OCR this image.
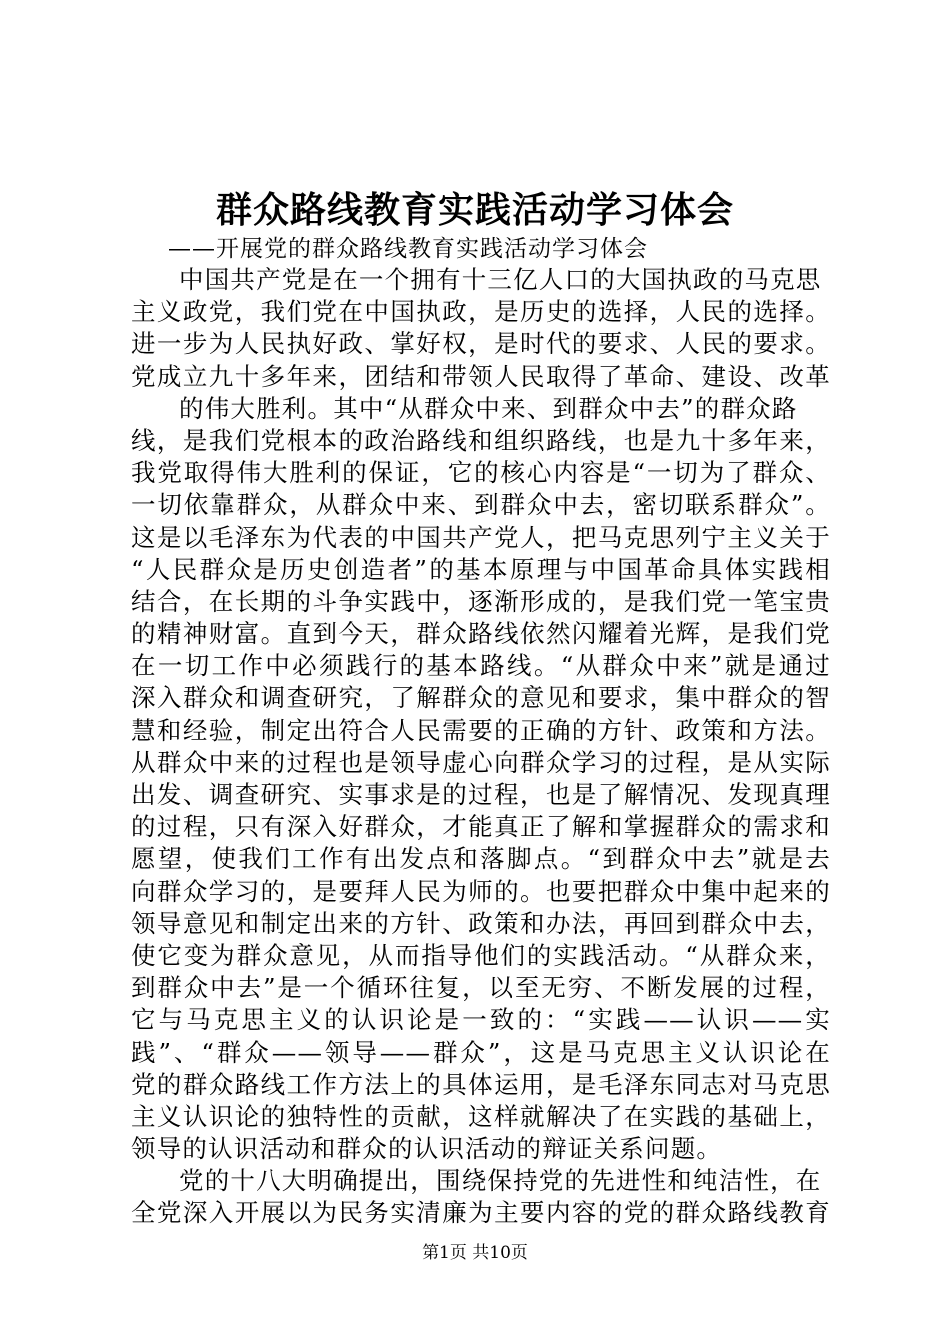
群众路线教育实践活动学习体会
——开展党的群众路线教育实践活动学习体会
中国共产党是在一个拥有十三亿人口的大国执政的马克思
主义政党，我们党在中国执政，是历史的选择，人民的选择。
进一步为人民执好政、掌好权，是时代的要求、人民的要求。
党成立九十多年来，团结和带领人民取得了革命、建设、改革
的伟大胜利。其中“从群众中来、到群众中去”的群众路
线，是我们党根本的政治路线和组织路线，也是九十多年来，
我党取得伟大胜利的保证，它的核心内容是“一切为了群众、
一切依靠群众，从群众中来、到群众中去，密切联系群众”。
这是以毛泽东为代表的中国共产党人，把马克思列宁主义关于
“人民群众是历史创造者”的基本原理与中国革命具体实践相
结合，在长期的斗争实践中，逐渐形成的，是我们党一笔宝贵
的精神财富。直到今天，群众路线依然闪耀着光辉，是我们党
在一切工作中必须践行的基本路线。“从群众中来”就是通过
深入群众和调查研究，了解群众的意见和要求，集中群众的智
慧和经验，制定出符合人民需要的正确的方针、政策和方法。
从群众中来的过程也是领导虚心向群众学习的过程，是从实际
出发、调查研究、实事求是的过程，也是了解情况、发现真理
的过程，只有深入好群众，才能真正了解和掌握群众的需求和
愿望，使我们工作有出发点和落脚点。“到群众中去”就是去
向群众学习的，是要拜人民为师的。也要把群众中集中起来的
领导意见和制定出来的方针、政策和办法，再回到群众中去，
使它变为群众意见，从而指导他们的实践活动。“从群众来，
到群众中去”是一个循环往复，以至无穷、不断发展的过程，
它与马克思主义的认识论是一致的：“实践——认识——实
践”、“群众——领导——群众”，这是马克思主义认识论在
党的群众路线工作方法上的具体运用，是毛泽东同志对马克思
主义认识论的独特性的贡献，这样就解决了在实践的基础上，
领导的认识活动和群众的认识活动的辩证关系问题。
党的十八大明确提出，围绕保持党的先进性和纯洁性，在
全党深入开展以为民务实清廉为主要内容的党的群众路线教育
第1页 共10页
